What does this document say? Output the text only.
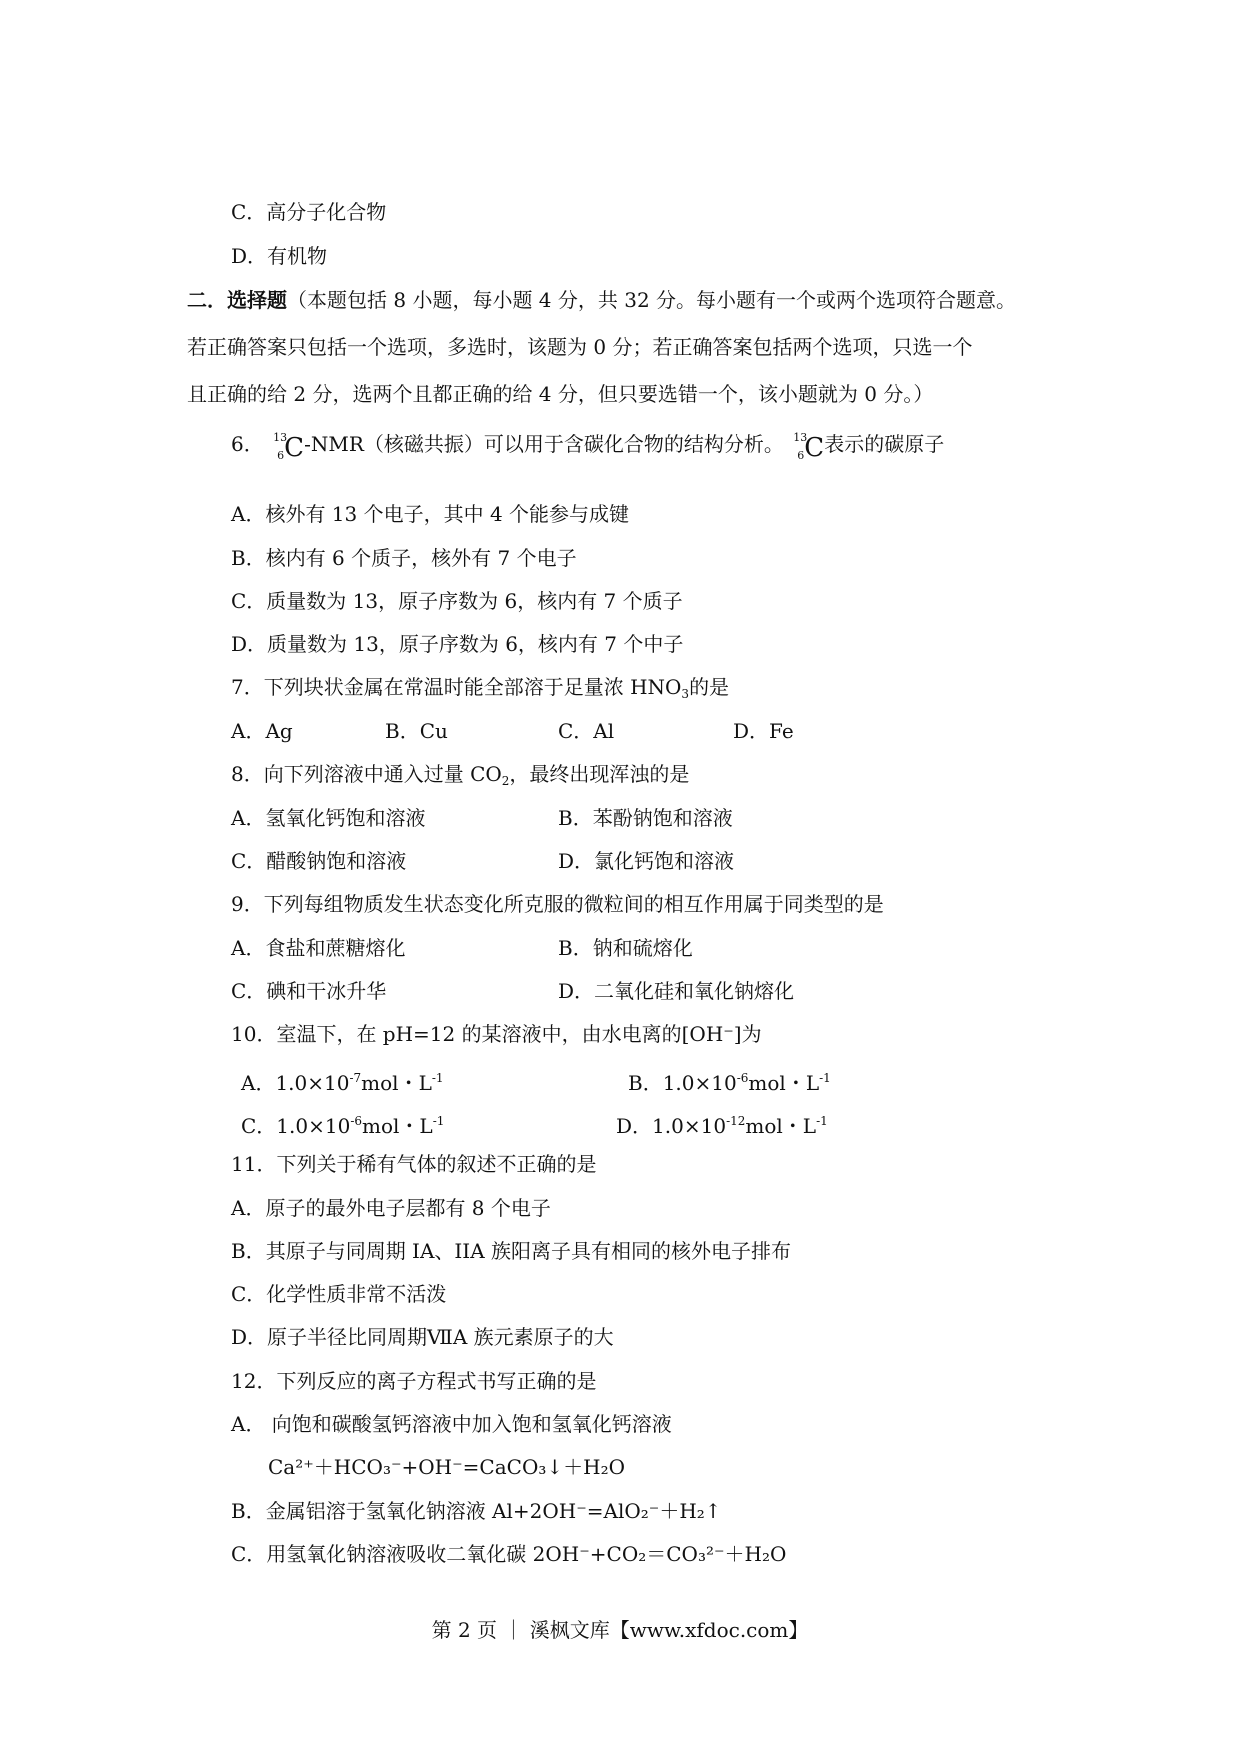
C．高分子化合物
D．有机物
二．选择题（本题包括 8 小题，每小题 4 分，共 32 分。每小题有一个或两个选项符合题意。
若正确答案只包括一个选项，多选时，该题为 0 分；若正确答案包括两个选项，只选一个
且正确的给 2 分，选两个且都正确的给 4 分，但只要选错一个，该小题就为 0 分。）
6． 13
6 C -NMR（核磁共振）可以用于含碳化合物的结构分析。 13
6 C 表示的碳原子
A．核外有 13 个电子，其中 4 个能参与成键
B．核内有 6 个质子，核外有 7 个电子
C．质量数为 13，原子序数为 6，核内有 7 个质子
D．质量数为 13，原子序数为 6，核内有 7 个中子
7．下列块状金属在常温时能全部溶于足量浓 $HNO_3$的是
A．Ag	B．Cu	C．Al	D．Fe
8．向下列溶液中通入过量 $CO_2$，最终出现浑浊的是
A．氢氧化钙饱和溶液	B．苯酚钠饱和溶液
C．醋酸钠饱和溶液	D．氯化钙饱和溶液
9．下列每组物质发生状态变化所克服的微粒间的相互作用属于同类型的是
A．食盐和蔗糖熔化	B．钠和硫熔化
C．碘和干冰升华	D．二氧化硅和氧化钠熔化
10．室温下，在 pH=12 的某溶液中，由水电离的[OH⁻]为
A．$1.0\times 10^{-7}mol$・$L^{-1}$	B．$1.0\times 10^{-6}mol$・$L^{-1}$
C．$1.0\times 10^{-6}mol$・$L^{-1}$	D．$1.0\times 10^{-12}mol$・$L^{-1}$
11．下列关于稀有气体的叙述不正确的是
A．原子的最外电子层都有 8 个电子
B．其原子与同周期 IA、IIA 族阳离子具有相同的核外电子排布
C．化学性质非常不活泼
D．原子半径比同周期ⅦA 族元素原子的大
12．下列反应的离子方程式书写正确的是
A． 向饱和碳酸氢钙溶液中加入饱和氢氧化钙溶液
Ca²⁺＋HCO₃⁻+OH⁻=CaCO₃↓＋H₂O
B．金属铝溶于氢氧化钠溶液 Al+2OH⁻=AlO₂⁻＋H₂↑
C．用氢氧化钠溶液吸收二氧化碳 2OH⁻+CO₂＝CO₃²⁻＋H₂O
第 2 页 ｜ 溪枫文库【www.xfdoc.com】
